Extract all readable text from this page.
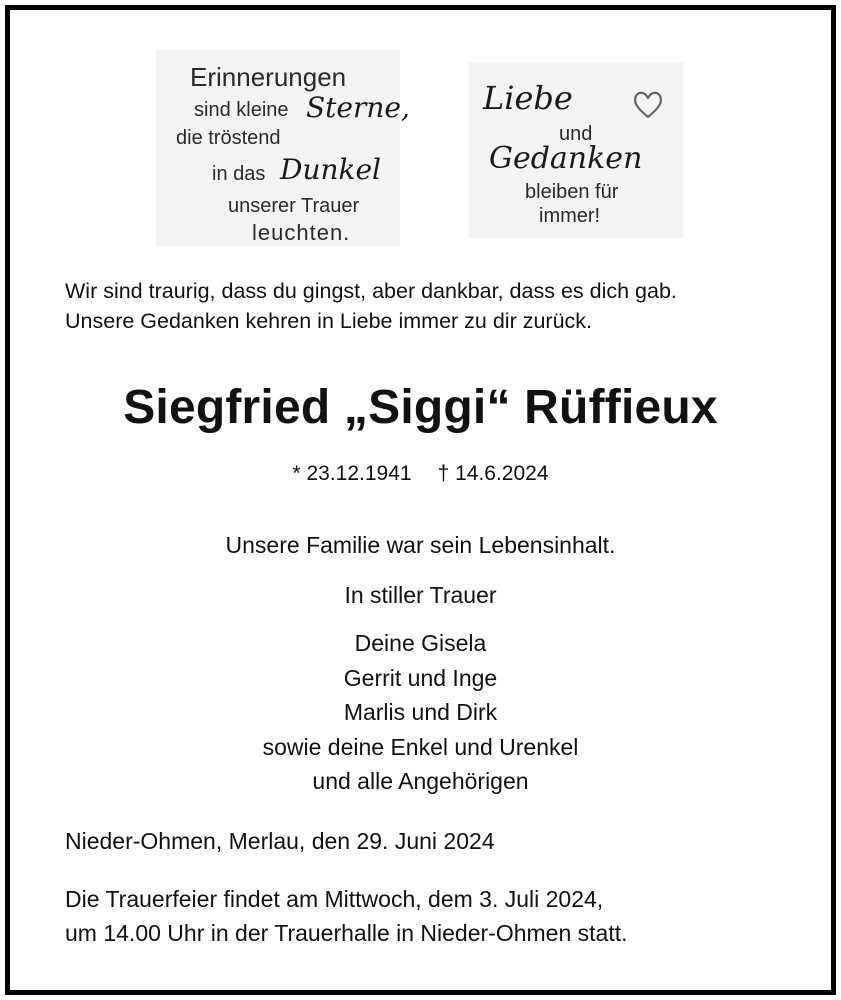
Erinnerungen
sind kleine Sterne,
die tröstend
in das Dunkel
unserer Trauer
leuchten.
Liebe
und
Gedanken
bleiben für
immer!
Wir sind traurig, dass du gingst, aber dankbar, dass es dich gab.
Unsere Gedanken kehren in Liebe immer zu dir zurück.
Siegfried „Siggi“ Rüffieux
* 23.12.1941 † 14.6.2024
Unsere Familie war sein Lebensinhalt.
In stiller Trauer
Deine Gisela
Gerrit und Inge
Marlis und Dirk
sowie deine Enkel und Urenkel
und alle Angehörigen
Nieder-Ohmen, Merlau, den 29. Juni 2024
Die Trauerfeier findet am Mittwoch, dem 3. Juli 2024,
um 14.00 Uhr in der Trauerhalle in Nieder-Ohmen statt.
